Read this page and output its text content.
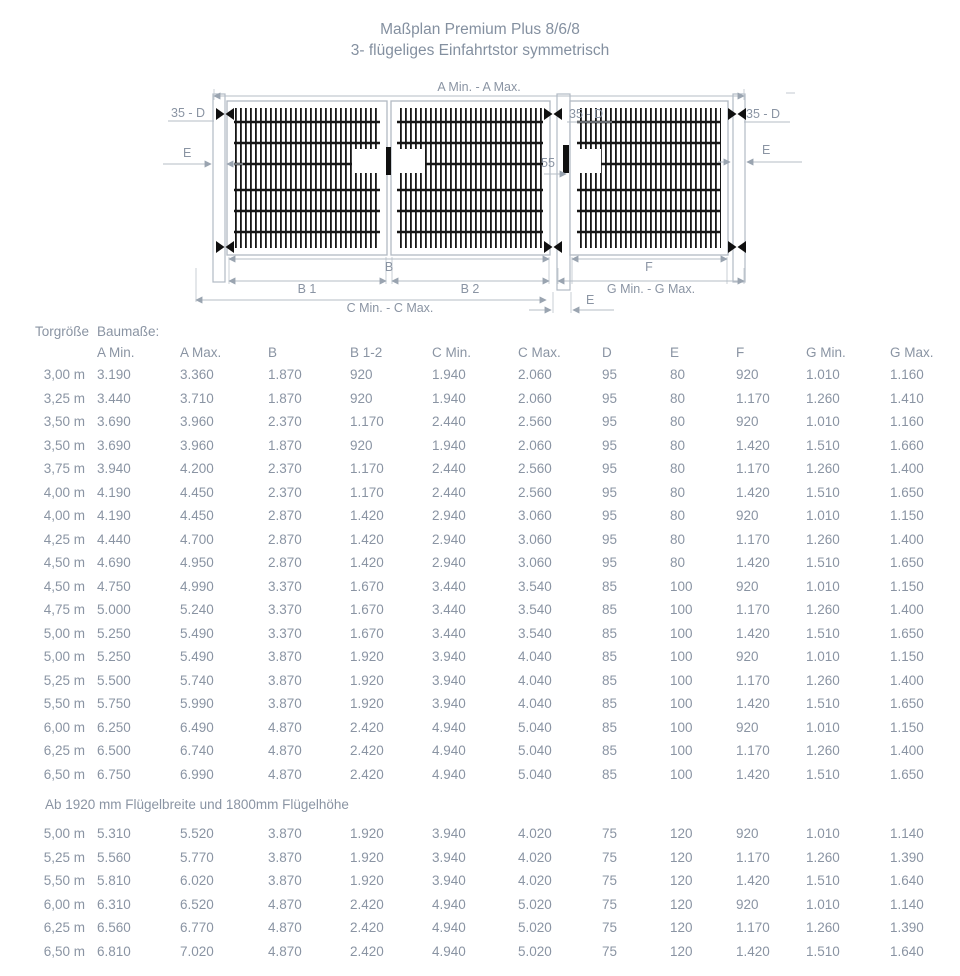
Maßplan Premium Plus 8/6/8
3- flügeliges Einfahrtstor symmetrisch
A Min. - A Max.
35 - D	35 - D	35 - D
E	E
55
B
B 1	B 2
C Min. - C Max.
F
G Min. - G Max.
E
Torgröße	Baumaße:										
	A Min.	A Max.	B	B 1-2	C Min.	C Max.	D	E	F	G Min.	G Max.
3,00 m	3.190	3.360	1.870	920	1.940	2.060	95	80	920	1.010	1.160
3,25 m	3.440	3.710	1.870	920	1.940	2.060	95	80	1.170	1.260	1.410
3,50 m	3.690	3.960	2.370	1.170	2.440	2.560	95	80	920	1.010	1.160
3,50 m	3.690	3.960	1.870	920	1.940	2.060	95	80	1.420	1.510	1.660
3,75 m	3.940	4.200	2.370	1.170	2.440	2.560	95	80	1.170	1.260	1.400
4,00 m	4.190	4.450	2.370	1.170	2.440	2.560	95	80	1.420	1.510	1.650
4,00 m	4.190	4.450	2.870	1.420	2.940	3.060	95	80	920	1.010	1.150
4,25 m	4.440	4.700	2.870	1.420	2.940	3.060	95	80	1.170	1.260	1.400
4,50 m	4.690	4.950	2.870	1.420	2.940	3.060	95	80	1.420	1.510	1.650
4,50 m	4.750	4.990	3.370	1.670	3.440	3.540	85	100	920	1.010	1.150
4,75 m	5.000	5.240	3.370	1.670	3.440	3.540	85	100	1.170	1.260	1.400
5,00 m	5.250	5.490	3.370	1.670	3.440	3.540	85	100	1.420	1.510	1.650
5,00 m	5.250	5.490	3.870	1.920	3.940	4.040	85	100	920	1.010	1.150
5,25 m	5.500	5.740	3.870	1.920	3.940	4.040	85	100	1.170	1.260	1.400
5,50 m	5.750	5.990	3.870	1.920	3.940	4.040	85	100	1.420	1.510	1.650
6,00 m	6.250	6.490	4.870	2.420	4.940	5.040	85	100	920	1.010	1.150
6,25 m	6.500	6.740	4.870	2.420	4.940	5.040	85	100	1.170	1.260	1.400
6,50 m	6.750	6.990	4.870	2.420	4.940	5.040	85	100	1.420	1.510	1.650
Ab 1920 mm Flügelbreite und 1800mm Flügelhöhe											
5,00 m	5.310	5.520	3.870	1.920	3.940	4.020	75	120	920	1.010	1.140
5,25 m	5.560	5.770	3.870	1.920	3.940	4.020	75	120	1.170	1.260	1.390
5,50 m	5.810	6.020	3.870	1.920	3.940	4.020	75	120	1.420	1.510	1.640
6,00 m	6.310	6.520	4.870	2.420	4.940	5.020	75	120	920	1.010	1.140
6,25 m	6.560	6.770	4.870	2.420	4.940	5.020	75	120	1.170	1.260	1.390
6,50 m	6.810	7.020	4.870	2.420	4.940	5.020	75	120	1.420	1.510	1.640
